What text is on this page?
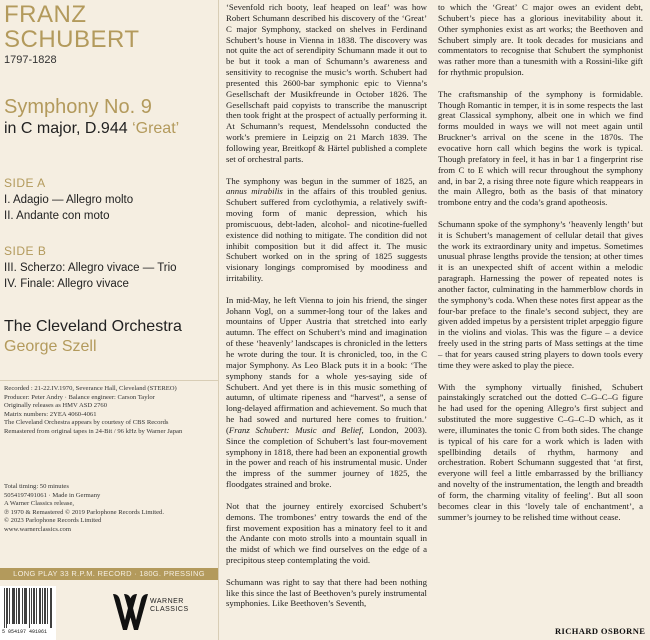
FRANZ
SCHUBERT
1797-1828
Symphony No. 9
in C major, D.944 ‘Great’
SIDE A
I. Adagio — Allegro molto
II. Andante con moto
SIDE B
III. Scherzo: Allegro vivace — Trio
IV. Finale: Allegro vivace
The Cleveland Orchestra
George Szell
Recorded : 21-22.IV.1970, Severance Hall, Cleveland (STEREO)
Producer: Peter Andry · Balance engineer: Carson Taylor
Originally releases as HMV ASD 2760
Matrix numbers: 2YEA 4060-4061
The Cleveland Orchestra appears by courtesy of CBS Records
Remastered from original tapes in 24-Bit / 96 kHz by Warner Japan
Total timing: 50 minutes
5054197491061 · Made in Germany
A Warner Classics release,
℗ 1970 & Remastered © 2019 Parlophone Records Limited.
© 2023 Parlophone Records Limited
www.warnerclassics.com
LONG PLAY 33 R.P.M. RECORD · 180G. PRESSING
5 054197 491061
WARNER
CLASSICS

‘Sevenfold rich booty, leaf heaped on leaf’ was how Robert Schumann described his discovery of the ‘Great’ C major Symphony, stacked on shelves in Ferdinand Schubert’s house in Vienna in 1838. The discovery was not quite the act of serendipity Schumann made it out to be but it took a man of Schumann’s awareness and sensitivity to recognise the music’s worth. Schubert had presented this 2600-bar symphonic epic to Vienna’s Gesellschaft der Musikfreunde in October 1826. The Gesellschaft paid copyists to transcribe the manuscript then took fright at the prospect of actually performing it. At Schumann’s request, Mendelssohn conducted the work’s premiere in Leipzig on 21 March 1839. The following year, Breitkopf & Härtel published a complete set of orchestral parts.

The symphony was begun in the summer of 1825, an annus mirabilis in the affairs of this troubled genius. Schubert suffered from cyclothymia, a relatively swift-moving form of manic depression, which his promiscuous, debt-laden, alcohol- and nicotine-fuelled existence did nothing to mitigate. The condition did not inhibit composition but it did affect it. The music Schubert worked on in the spring of 1825 suggests visionary longings compromised by moodiness and irritability.

In mid-May, he left Vienna to join his friend, the singer Johann Vogl, on a summer-long tour of the lakes and mountains of Upper Austria that stretched into early autumn. The effect on Schubert’s mind and imagination of these ‘heavenly’ landscapes is chronicled in the letters he wrote during the tour. It is chronicled, too, in the C major Symphony. As Leo Black puts it in a book: ‘The symphony stands for a whole yes-saying side of Schubert. And yet there is in this music something of autumn, of ultimate ripeness and “harvest”, a sense of long-delayed affirmation and achievement. So much that he had sowed and nurtured here comes to fruition.’ (Franz Schubert: Music and Belief, London, 2003). Since the completion of Schubert’s last four-movement symphony in 1818, there had been an exponential growth in the power and reach of his instrumental music. Under the impress of the summer journey of 1825, the floodgates strained and broke.

Not that the journey entirely exorcised Schubert’s demons. The trombones’ entry towards the end of the first movement exposition has a minatory feel to it and the Andante con moto strolls into a mountain squall in the midst of which we find ourselves on the edge of a precipitous steep contemplating the void.

Schumann was right to say that there had been nothing like this since the last of Beethoven’s purely instrumental symphonies. Like Beethoven’s Seventh,

to which the ‘Great’ C major owes an evident debt, Schubert’s piece has a glorious inevitability about it. Other symphonies exist as art works; the Beethoven and Schubert simply are. It took decades for musicians and commentators to recognise that Schubert the symphonist was rather more than a tunesmith with a Rossini-like gift for rhythmic propulsion.

The craftsmanship of the symphony is formidable. Though Romantic in temper, it is in some respects the last great Classical symphony, albeit one in which we find forms moulded in ways we will not meet again until Bruckner’s arrival on the scene in the 1870s. The evocative horn call which begins the work is typical. Though prefatory in feel, it has in bar 1 a fingerprint rise from C to E which will recur throughout the symphony and, in bar 2, a rising three note figure which reappears in the main Allegro, both as the basis of that minatory trombone entry and the coda’s grand apotheosis.

Schumann spoke of the symphony’s ‘heavenly length’ but it is Schubert’s management of cellular detail that gives the work its extraordinary unity and impetus. Sometimes unusual phrase lengths provide the tension; at other times it is an unexpected shift of accent within a melodic paragraph. Harnessing the power of repeated notes is another factor, culminating in the hammerblow chords in the symphony’s coda. When these notes first appear as the four-bar preface to the finale’s second subject, they are given added impetus by a persistent triplet arpeggio figure in the violins and violas. This was the figure – a device freely used in the string parts of Mass settings at the time – that for years caused string players to down tools every time they were asked to play the piece.

With the symphony virtually finished, Schubert painstakingly scratched out the dotted C–G–C–G figure he had used for the opening Allegro’s first subject and substituted the more suggestive C–G–C–D which, as it were, illuminates the tonic C from both sides. The change is typical of his care for a work which is laden with spellbinding details of rhythm, harmony and orchestration. Robert Schumann suggested that ‘at first, everyone will feel a little embarrassed by the brilliancy and novelty of the instrumentation, the length and breadth of form, the charming vitality of feeling’. But all soon becomes clear in this ‘lovely tale of enchantment’, a summer’s journey to be relished time without cease.

RICHARD OSBORNE
